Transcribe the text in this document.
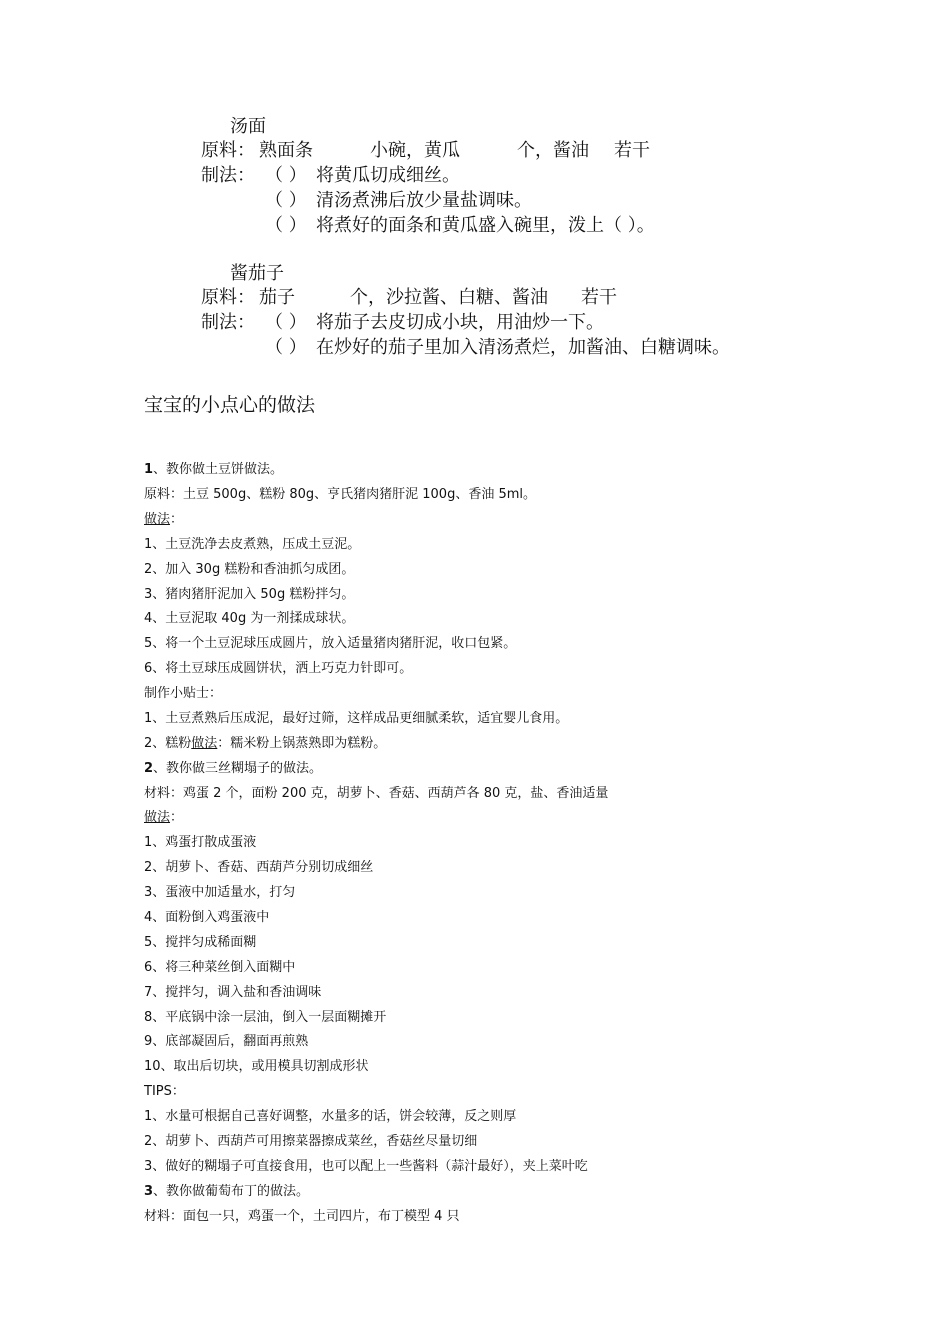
汤面
原料： 熟面条	小碗，黄瓜	个，酱油 若干
制法： （ ） 将黄瓜切成细丝。
（ ） 清汤煮沸后放少量盐调味。
（ ） 将煮好的面条和黄瓜盛入碗里，泼上（ ）。
酱茄子
原料： 茄子	个，沙拉酱、白糖、酱油 若干
制法： （ ） 将茄子去皮切成小块，用油炒一下。
（ ） 在炒好的茄子里加入清汤煮烂，加酱油、白糖调味。
宝宝的小点心的做法
1、教你做土豆饼做法。
原料：土豆 500g、糕粉 80g、亨氏猪肉猪肝泥 100g、香油 5ml。
做法：
1、土豆洗净去皮煮熟，压成土豆泥。
2、加入 30g 糕粉和香油抓匀成团。
3、猪肉猪肝泥加入 50g 糕粉拌匀。
4、土豆泥取 40g 为一剂揉成球状。
5、将一个土豆泥球压成圆片，放入适量猪肉猪肝泥，收口包紧。
6、将土豆球压成圆饼状，洒上巧克力针即可。
制作小贴士：
1、土豆煮熟后压成泥，最好过筛，这样成品更细腻柔软，适宜婴儿食用。
2、糕粉做法：糯米粉上锅蒸熟即为糕粉。
2、教你做三丝糊塌子的做法。
材料：鸡蛋 2 个，面粉 200 克，胡萝卜、香菇、西葫芦各 80 克，盐、香油适量
做法：
1、鸡蛋打散成蛋液
2、胡萝卜、香菇、西葫芦分别切成细丝
3、蛋液中加适量水，打匀
4、面粉倒入鸡蛋液中
5、搅拌匀成稀面糊
6、将三种菜丝倒入面糊中
7、搅拌匀，调入盐和香油调味
8、平底锅中涂一层油，倒入一层面糊摊开
9、底部凝固后，翻面再煎熟
10、取出后切块，或用模具切割成形状
TIPS：
1、水量可根据自己喜好调整，水量多的话，饼会较薄，反之则厚
2、胡萝卜、西葫芦可用擦菜器擦成菜丝，香菇丝尽量切细
3、做好的糊塌子可直接食用，也可以配上一些酱料（蒜汁最好），夹上菜叶吃
3、教你做葡萄布丁的做法。
材料：面包一只，鸡蛋一个，土司四片，布丁模型 4 只
